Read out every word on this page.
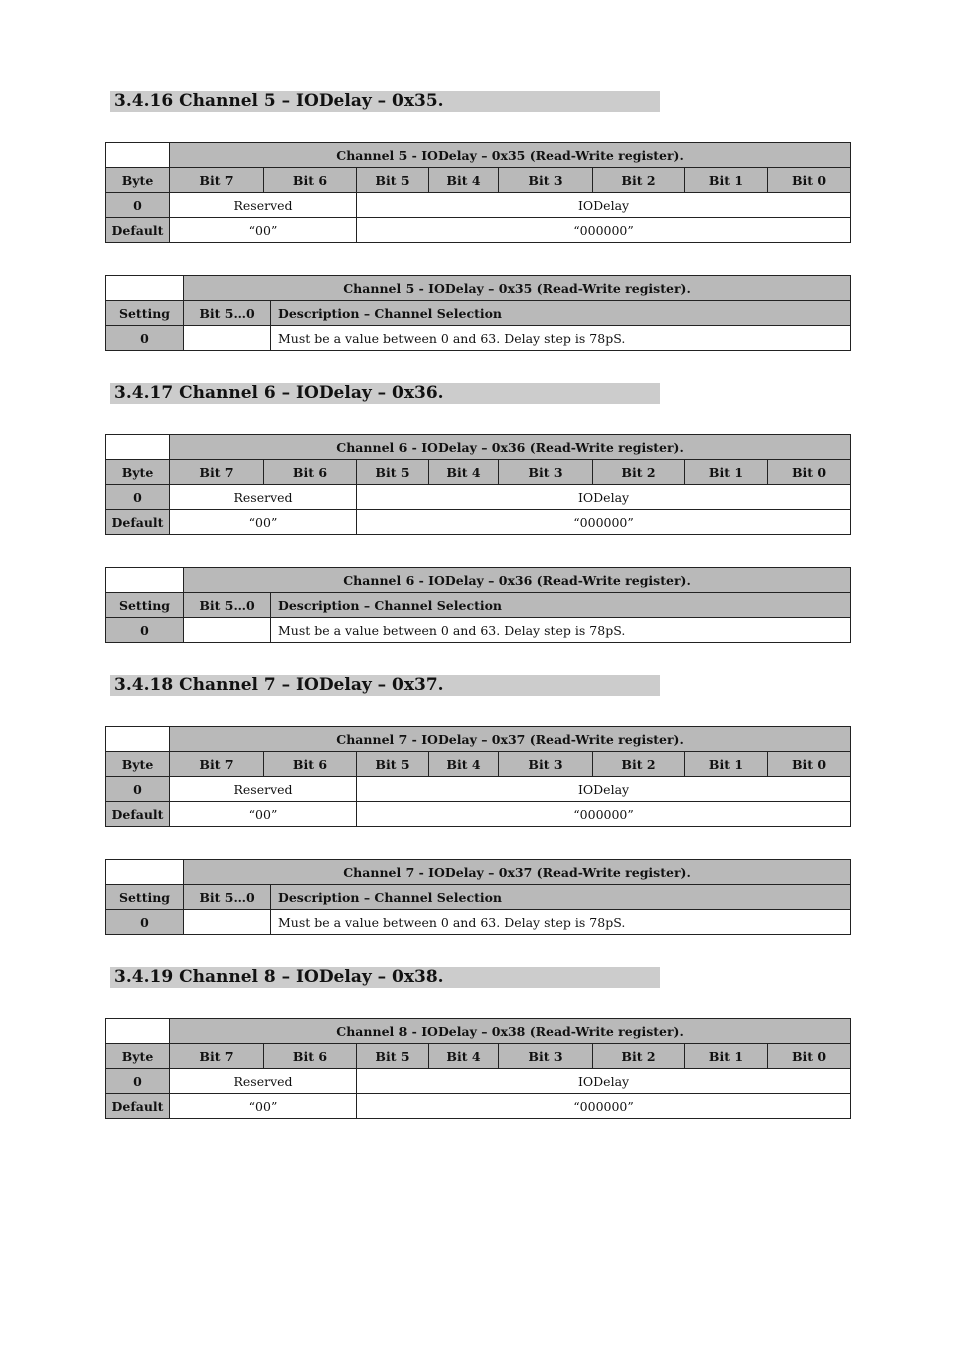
3.4.16 Channel 5 – IODelay – 0x35.
	Channel 5 - IODelay – 0x35 (Read-Write register).							
Byte	Bit 7	Bit 6	Bit 5	Bit 4	Bit 3	Bit 2	Bit 1	Bit 0
0	Reserved		IODelay					
Default	“00”		“000000”					
	Channel 5 - IODelay – 0x35 (Read-Write register).	
Setting	Bit 5…0	Description – Channel Selection
0		Must be a value between 0 and 63. Delay step is 78pS.
3.4.17 Channel 6 – IODelay – 0x36.
	Channel 6 - IODelay – 0x36 (Read-Write register).							
Byte	Bit 7	Bit 6	Bit 5	Bit 4	Bit 3	Bit 2	Bit 1	Bit 0
0	Reserved		IODelay					
Default	“00”		“000000”					
	Channel 6 - IODelay – 0x36 (Read-Write register).	
Setting	Bit 5…0	Description – Channel Selection
0		Must be a value between 0 and 63. Delay step is 78pS.
3.4.18 Channel 7 – IODelay – 0x37.
	Channel 7 - IODelay – 0x37 (Read-Write register).							
Byte	Bit 7	Bit 6	Bit 5	Bit 4	Bit 3	Bit 2	Bit 1	Bit 0
0	Reserved		IODelay					
Default	“00”		“000000”					
	Channel 7 - IODelay – 0x37 (Read-Write register).	
Setting	Bit 5…0	Description – Channel Selection
0		Must be a value between 0 and 63. Delay step is 78pS.
3.4.19 Channel 8 – IODelay – 0x38.
	Channel 8 - IODelay – 0x38 (Read-Write register).							
Byte	Bit 7	Bit 6	Bit 5	Bit 4	Bit 3	Bit 2	Bit 1	Bit 0
0	Reserved		IODelay					
Default	“00”		“000000”					
